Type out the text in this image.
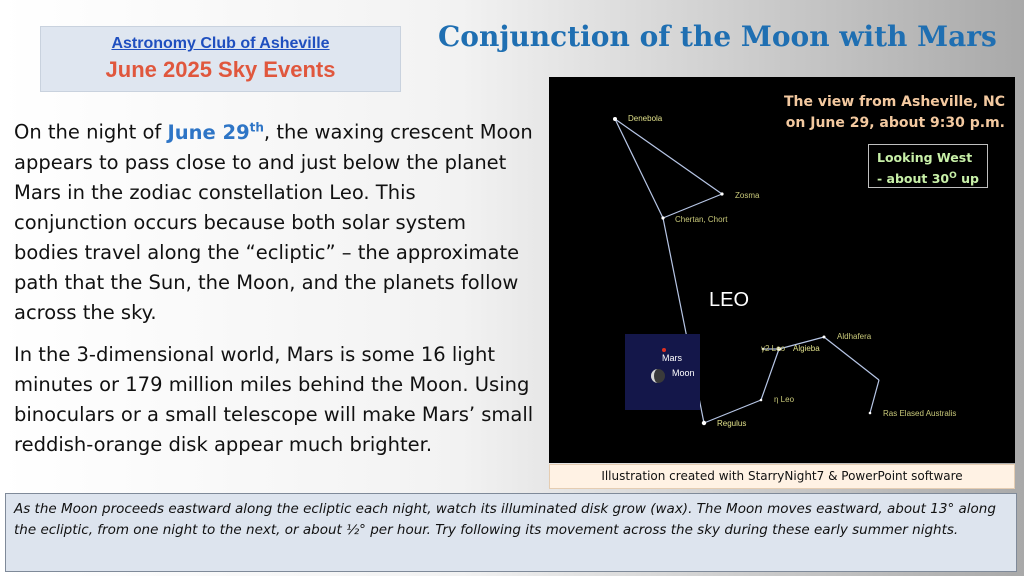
Astronomy Club of Asheville
June 2025 Sky Events
Conjunction of the Moon with Mars

On the night of June 29th, the waxing crescent Moon appears to pass close to and just below the planet Mars in the zodiac constellation Leo. This conjunction occurs because both solar system bodies travel along the “ecliptic” – the approximate path that the Sun, the Moon, and the planets follow across the sky.

In the 3-dimensional world, Mars is some 16 light minutes or 179 million miles behind the Moon. Using binoculars or a small telescope will make Mars’ small reddish-orange disk appear much brighter.

Denebola
Zosma
Chertan, Chort
γ2 Leo Algieba
Aldhafera
η Leo
Regulus
Ras Elased Australis
LEO
Mars
Moon
The view from Asheville, NC
on June 29, about 9:30 p.m.
Looking West
- about $30^O$ up
Illustration created with StarryNight7 & PowerPoint software
As the Moon proceeds eastward along the ecliptic each night, watch its illuminated disk grow (wax). The Moon moves eastward, about 13° along the ecliptic, from one night to the next, or about ½° per hour. Try following its movement across the sky during these early summer nights.
